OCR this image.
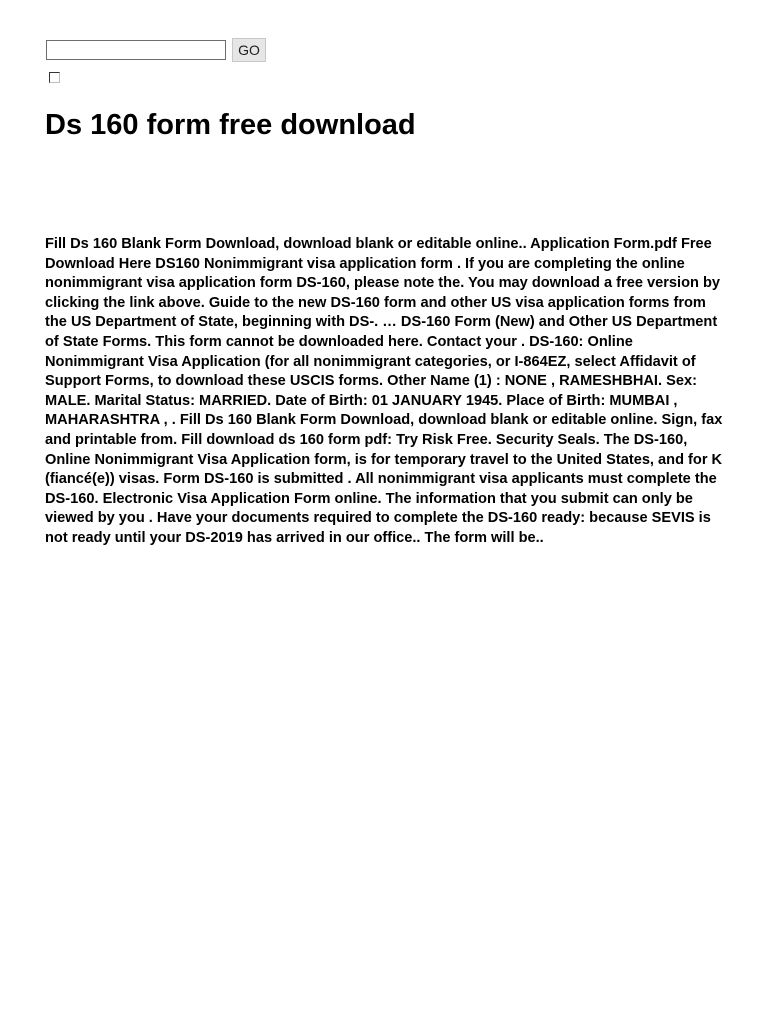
GO
Ds 160 form free download

Fill Ds 160 Blank Form Download, download blank or editable online.. Application Form.pdf Free Download Here DS160 Nonimmigrant visa application form . If you are completing the online nonimmigrant visa application form DS-160, please note the. You may download a free version by clicking the link above. Guide to the new DS-160 form and other US visa application forms from the US Department of State, beginning with DS-. … DS-160 Form (New) and Other US Department of State Forms. This form cannot be downloaded here. Contact your . DS-160: Online Nonimmigrant Visa Application (for all nonimmigrant categories, or I-864EZ, select Affidavit of Support Forms, to download these USCIS forms. Other Name (1) : NONE , RAMESHBHAI. Sex: MALE. Marital Status: MARRIED. Date of Birth: 01 JANUARY 1945. Place of Birth: MUMBAI , MAHARASHTRA , . Fill Ds 160 Blank Form Download, download blank or editable online. Sign, fax and printable from. Fill download ds 160 form pdf: Try Risk Free. Security Seals. The DS-160, Online Nonimmigrant Visa Application form, is for temporary travel to the United States, and for K (fiancé(e)) visas. Form DS-160 is submitted . All nonimmigrant visa applicants must complete the DS-160. Electronic Visa Application Form online. The information that you submit can only be viewed by you . Have your documents required to complete the DS-160 ready: because SEVIS is not ready until your DS-2019 has arrived in our office.. The form will be..
